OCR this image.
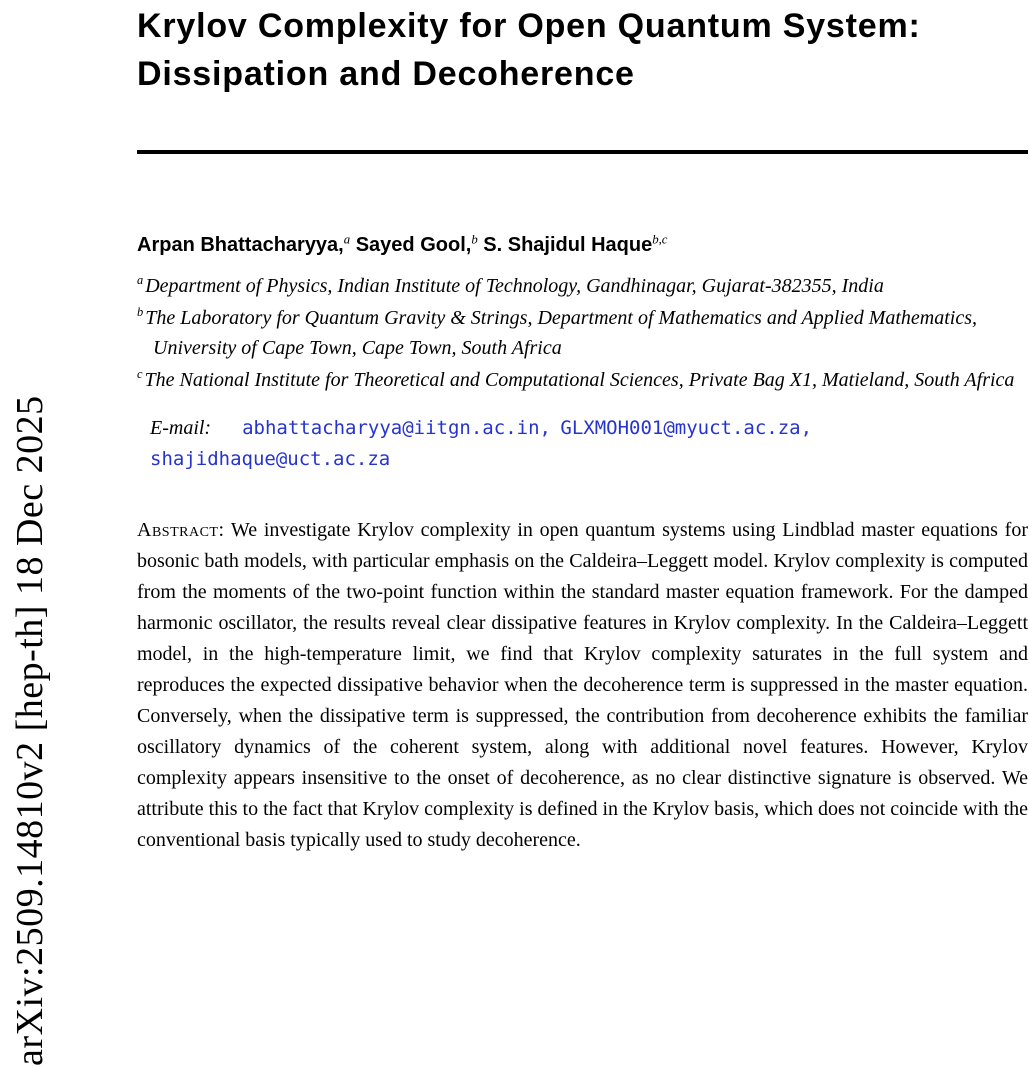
arXiv:2509.14810v2 [hep-th] 18 Dec 2025
Krylov Complexity for Open Quantum System:
Dissipation and Decoherence

Arpan Bhattacharyya,$^a$ Sayed Gool,$^b$ S. Shajidul Haque$^{b,c}$

$^a$ Department of Physics, Indian Institute of Technology, Gandhinagar, Gujarat-382355, India
$^b$ The Laboratory for Quantum Gravity & Strings, Department of Mathematics and Applied Mathematics, University of Cape Town, Cape Town, South Africa
$^c$ The National Institute for Theoretical and Computational Sciences, Private Bag X1, Matieland, South Africa

E-mail: abhattacharyya@iitgn.ac.in, GLXMOH001@myuct.ac.za, shajidhaque@uct.ac.za

Abstract: We investigate Krylov complexity in open quantum systems using Lindblad master equations for bosonic bath models, with particular emphasis on the Caldeira–Leggett model. Krylov complexity is computed from the moments of the two-point function within the standard master equation framework. For the damped harmonic oscillator, the results reveal clear dissipative features in Krylov complexity. In the Caldeira–Leggett model, in the high-temperature limit, we find that Krylov complexity saturates in the full system and reproduces the expected dissipative behavior when the decoherence term is suppressed in the master equation. Conversely, when the dissipative term is suppressed, the contribution from decoherence exhibits the familiar oscillatory dynamics of the coherent system, along with additional novel features. However, Krylov complexity appears insensitive to the onset of decoherence, as no clear distinctive signature is observed. We attribute this to the fact that Krylov complexity is defined in the Krylov basis, which does not coincide with the conventional basis typically used to study decoherence.
